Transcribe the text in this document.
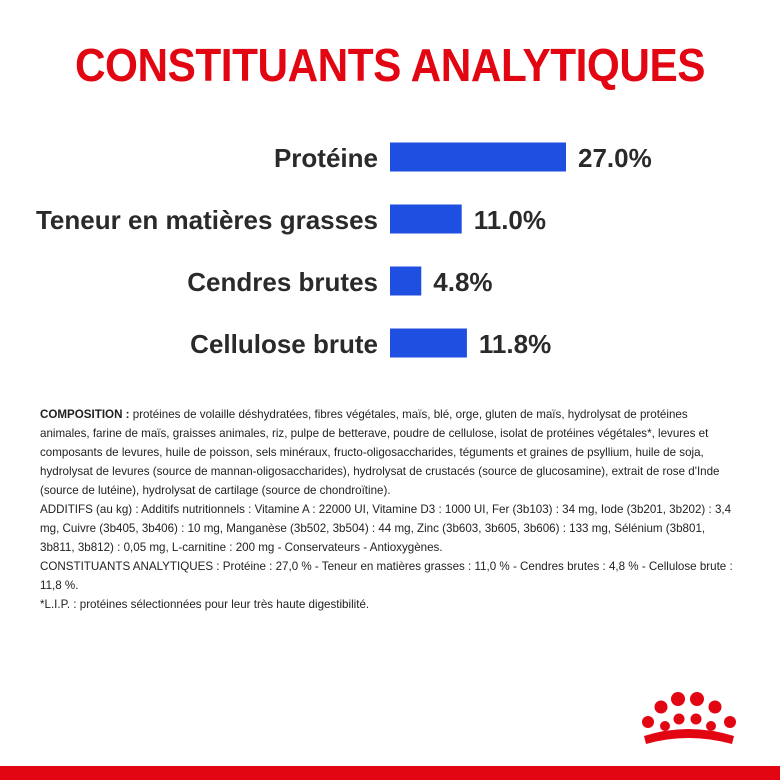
CONSTITUANTS ANALYTIQUES
Protéine	27.0%
Teneur en matières grasses	11.0%
Cendres brutes 4.8%
Cellulose brute	11.8%

COMPOSITION : protéines de volaille déshydratées, fibres végétales, maïs, blé, orge, gluten de maïs, hydrolysat de protéines animales, farine de maïs, graisses animales, riz, pulpe de betterave, poudre de cellulose, isolat de protéines végétales*, levures et composants de levures, huile de poisson, sels minéraux, fructo-oligosaccharides, téguments et graines de psyllium, huile de soja, hydrolysat de levures (source de mannan-oligosaccharides), hydrolysat de crustacés (source de glucosamine), extrait de rose d'Inde (source de lutéine), hydrolysat de cartilage (source de chondroïtine).

ADDITIFS (au kg) : Additifs nutritionnels : Vitamine A : 22000 UI, Vitamine D3 : 1000 UI, Fer (3b103) : 34 mg, Iode (3b201, 3b202) : 3,4 mg, Cuivre (3b405, 3b406) : 10 mg, Manganèse (3b502, 3b504) : 44 mg, Zinc (3b603, 3b605, 3b606) : 133 mg, Sélénium (3b801, 3b811, 3b812) : 0,05 mg, L-carnitine : 200 mg - Conservateurs - Antioxygènes.

CONSTITUANTS ANALYTIQUES : Protéine : 27,0 % - Teneur en matières grasses : 11,0 % - Cendres brutes : 4,8 % - Cellulose brute : 11,8 %.

*L.I.P. : protéines sélectionnées pour leur très haute digestibilité.
